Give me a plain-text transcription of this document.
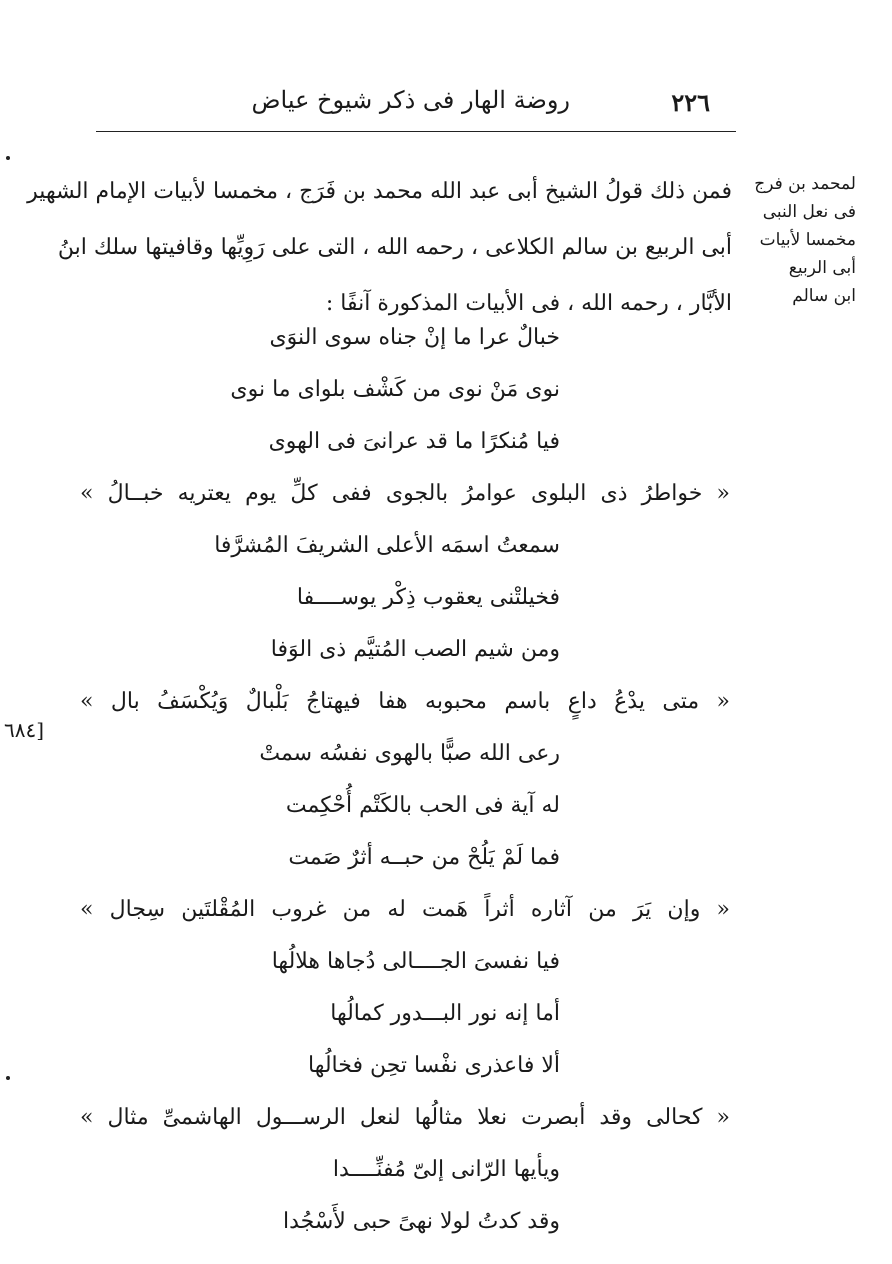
روضة الهار فى ذكر شيوخ عياض	٢٢٦
لمحمد بن فرج
فى نعل النبى
مخمسا لأبيات
أبى الربيع
ابن سالم
فمن ذلك قولُ الشيخ أبى عبد الله محمد بن فَرَج ، مخمسا لأبيات الإمام الشهير
أبى الربيع بن سالم الكلاعى ، رحمه الله ، التى على رَوِيِّها وقافيتها سلك ابنُ
الأبَّار ، رحمه الله ، فى الأبيات المذكورة آنفًا :
خبالٌ عرا ما إنْ جناه سوى النوَى
نوى مَنْ نوى من كَشْف بلواى ما نوى
فيا مُنكرًا ما قد عرانىَ فى الهوى
« خواطرُ ذى البلوى عوامرُ بالجوى ففى كلِّ يوم يعتريه خبــالُ »
سمعتُ اسمَه الأعلى الشريفَ المُشرَّفا
فخيلتْنى يعقوب ذِكْر يوســــفا
ومن شيم الصب المُتيَّم ذى الوَفا
« متى يدْعُ داعٍ باسم محبوبه هفا فيهتاجُ بَلْبالٌ وَيُكْسَفُ بال »
رعى الله صبًّا بالهوى نفسُه سمتْ
له آية فى الحب بالكَتْم أُحْكِمت
فما لَمْ يَلُحْ من حبــه أثرٌ صَمت
« وإن يَرَ من آثاره أثراً هَمت له من غروب المُقْلتَين سِجال »
فيا نفسىَ الجــــالى دُجاها هلالُها
أما إنه نور البـــدور كمالُها
ألا فاعذرى نفْسا تحِن فخالُها
« كحالى وقد أبصرت نعلا مثالُها لنعل الرســـول الهاشمىِّ مثال »
ويأيها الرّانى إلىّ مُفنِّــــدا
وقد كدتُ لولا نهىً حبى لأَسْجُدا
[٦٨٤
